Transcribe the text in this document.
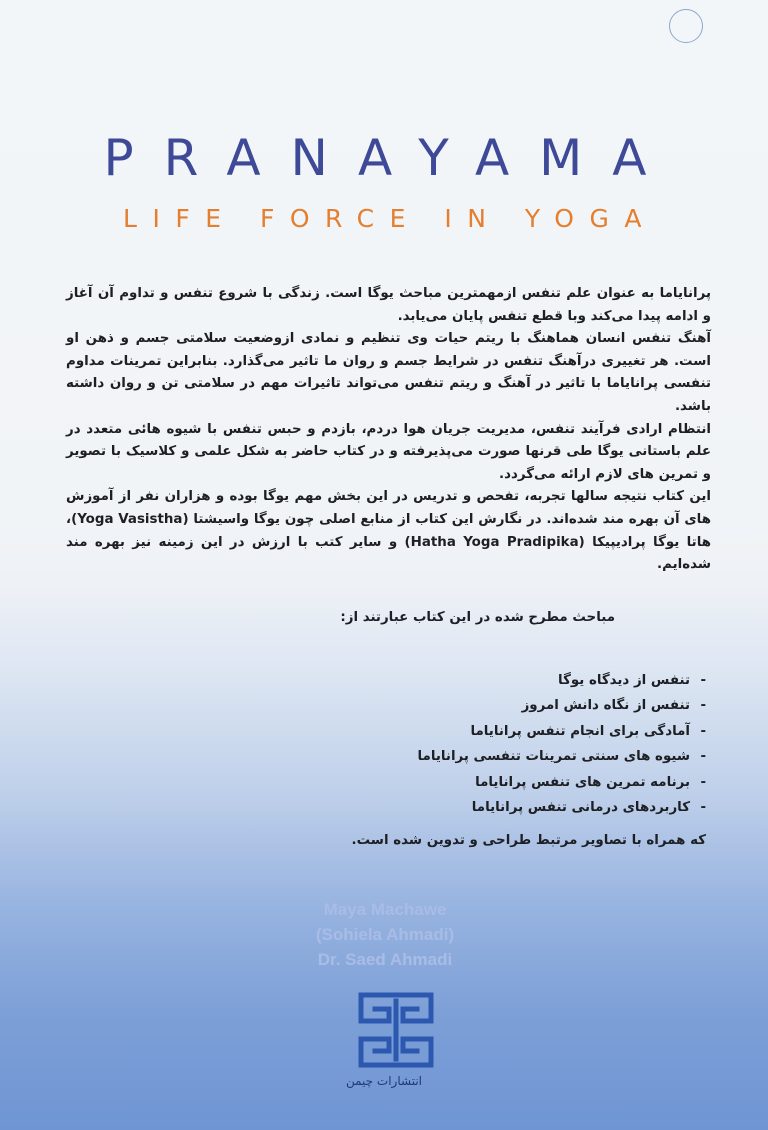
PRANAYAMA
LIFE FORCE IN YOGA

پرانایاما به عنوان علم تنفس ازمهمترین مباحث یوگا است. زندگی با شروع تنفس و تداوم آن آغاز و ادامه پیدا می‌کند وبا قطع تنفس پایان می‌یابد.

آهنگ تنفس انسان هماهنگ با ریتم حیات وی تنظیم و نمادی ازوضعیت سلامتی جسم و ذهن او است. هر تغییری درآهنگ تنفس در شرایط جسم و روان ما تاثیر می‌گذارد. بنابراین تمرینات مداوم تنفسی پرانایاما با تاثیر در آهنگ و ریتم تنفس می‌تواند تاثیرات مهم در سلامتی تن و روان داشته باشد.

انتظام ارادی فرآیند تنفس، مدیریت جریان هوا دردم، بازدم و حبس تنفس با شیوه هائی متعدد در علم باستانی یوگا طی قرنها صورت می‌پذیرفته و در کتاب حاضر به شکل علمی و کلاسیک با تصویر و تمرین های لازم ارائه می‌گردد.

این کتاب نتیجه سالها تجربه، تفحص و تدریس در این بخش مهم یوگا بوده و هزاران نفر از آموزش های آن بهره مند شده‌اند. در نگارش این کتاب از منابع اصلی چون یوگا واسیشتا (Yoga Vasistha)، هاتا یوگا پرادیپیکا (Hatha Yoga Pradipika) و سایر کتب با ارزش در این زمینه نیز بهره مند شده‌ایم.

مباحث مطرح شده در این کتاب عبارتند از:
-تنفس از دیدگاه یوگا
-تنفس از نگاه دانش امروز
-آمادگی برای انجام تنفس پرانایاما
-شیوه های سنتی تمرینات تنفسی پرانایاما
-برنامه تمرین های تنفس پرانایاما
-کاربردهای درمانی تنفس پرانایاما
که همراه با تصاویر مرتبط طراحی و تدوین شده است.
Maya Machawe
(Sohiela Ahmadi)
Dr. Saed Ahmadi
انتشارات چیمن
